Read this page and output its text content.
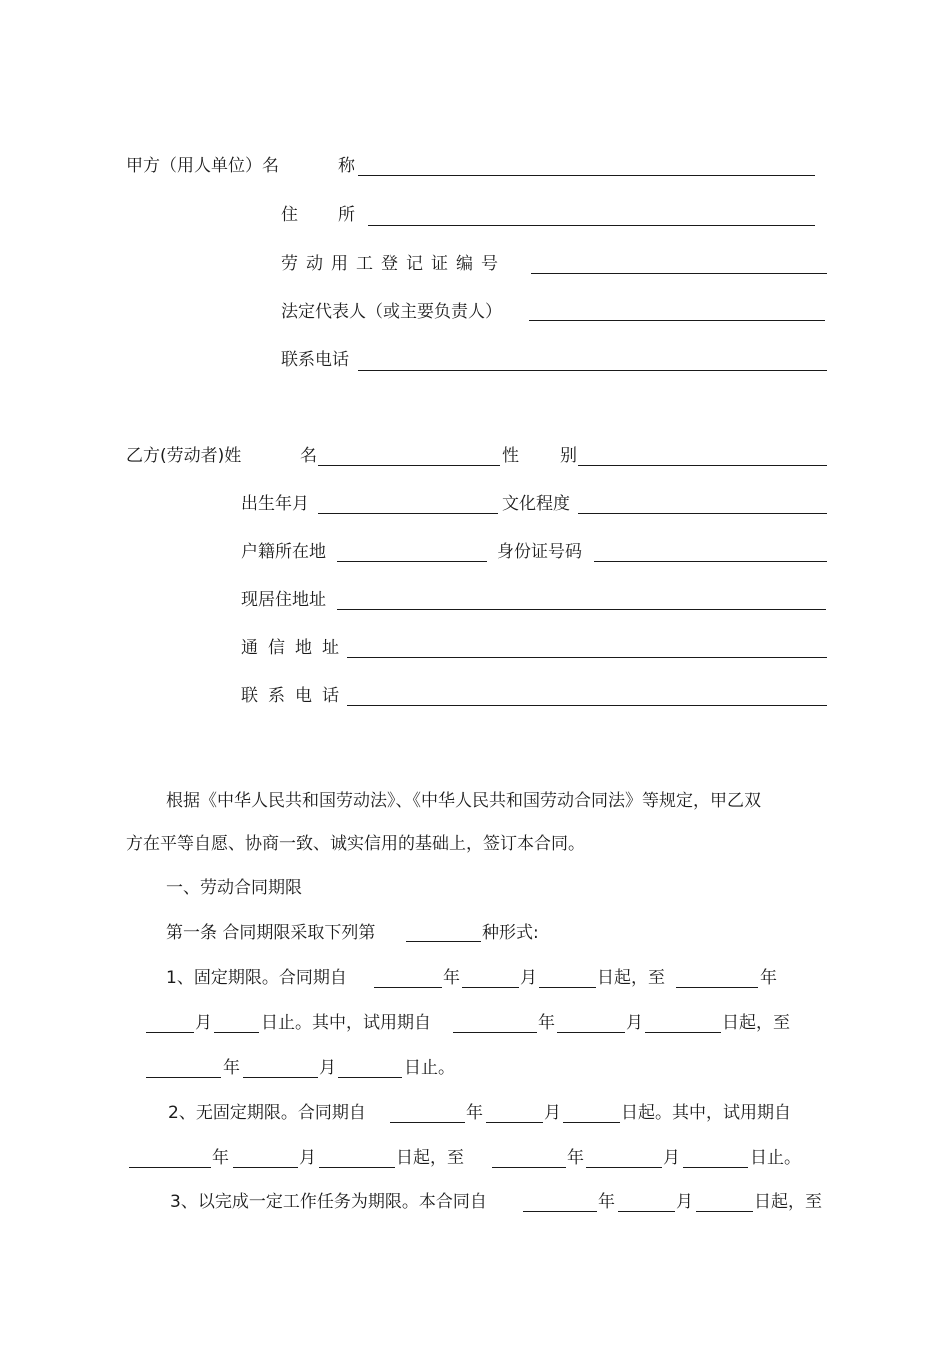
甲方（用人单位）名	称
住 所
劳动用工登记证编号
法定代表人（或主要负责人）
联系电话
乙方(劳动者)姓	名	性 别
出生年月	文化程度
户籍所在地	身份证号码
现居住地址
通信地址
联系电话
根据《中华人民共和国劳动法》、《中华人民共和国劳动合同法》等规定，甲乙双
方在平等自愿、协商一致、诚实信用的基础上，签订本合同。
一、劳动合同期限
第一条 合同期限采取下列第	种形式:
1、固定期限。合同期自	年	月	日起，至	年
月	日止。其中，试用期自	年	月	日起，至
年	月	日止。
2、无固定期限。合同期自	年	月	日起。其中，试用期自
年	月	日起，至	年	月	日止。
3、以完成一定工作任务为期限。本合同自	年	月	日起，至
